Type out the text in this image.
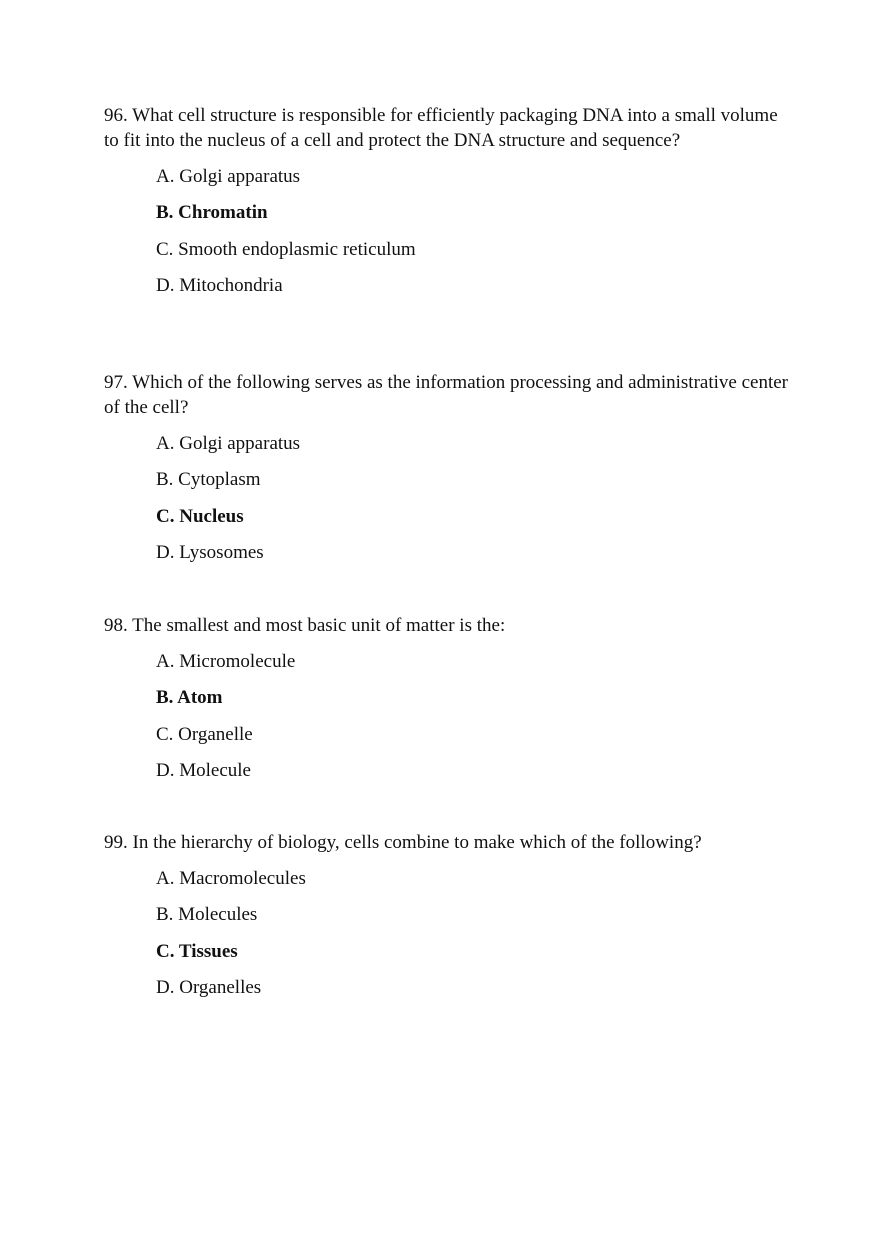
96. What cell structure is responsible for efficiently packaging DNA into a small volume to fit into the nucleus of a cell and protect the DNA structure and sequence?

A. Golgi apparatus
B. Chromatin
C. Smooth endoplasmic reticulum
D. Mitochondria

97. Which of the following serves as the information processing and administrative center of the cell?

A. Golgi apparatus
B. Cytoplasm
C. Nucleus
D. Lysosomes

98. The smallest and most basic unit of matter is the:

A. Micromolecule
B. Atom
C. Organelle
D. Molecule

99. In the hierarchy of biology, cells combine to make which of the following?

A. Macromolecules
B. Molecules
C. Tissues
D. Organelles
